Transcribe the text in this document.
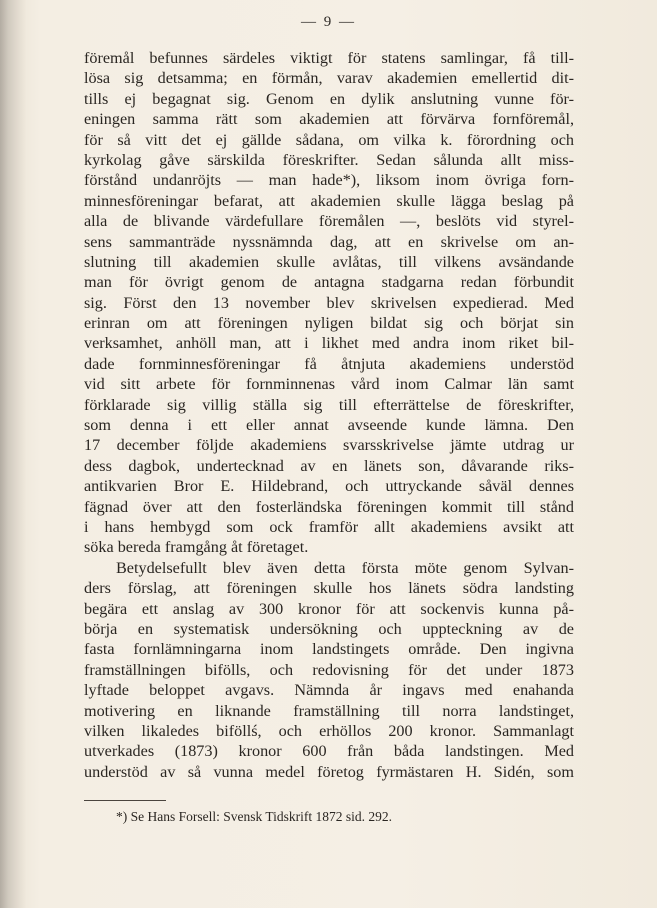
— 9 —
föremål befunnes särdeles viktigt för statens samlingar, få till-
lösa sig detsamma; en förmån, varav akademien emellertid dit-
tills ej begagnat sig. Genom en dylik anslutning vunne för-
eningen samma rätt som akademien att förvärva fornföremål,
för så vitt det ej gällde sådana, om vilka k. förordning och
kyrkolag gåve särskilda föreskrifter. Sedan sålunda allt miss-
förstånd undanröjts — man hade*), liksom inom övriga forn-
minnesföreningar befarat, att akademien skulle lägga beslag på
alla de blivande värdefullare föremålen —, beslöts vid styrel-
sens sammanträde nyssnämnda dag, att en skrivelse om an-
slutning till akademien skulle avlåtas, till vilkens avsändande
man för övrigt genom de antagna stadgarna redan förbundit
sig. Först den 13 november blev skrivelsen expedierad. Med
erinran om att föreningen nyligen bildat sig och börjat sin
verksamhet, anhöll man, att i likhet med andra inom riket bil-
dade fornminnesföreningar få åtnjuta akademiens understöd
vid sitt arbete för fornminnenas vård inom Calmar län samt
förklarade sig villig ställa sig till efterrättelse de föreskrifter,
som denna i ett eller annat avseende kunde lämna. Den
17 december följde akademiens svarsskrivelse jämte utdrag ur
dess dagbok, undertecknad av en länets son, dåvarande riks-
antikvarien Bror E. Hildebrand, och uttryckande såväl dennes
fägnad över att den fosterländska föreningen kommit till stånd
i hans hembygd som ock framför allt akademiens avsikt att
söka bereda framgång åt företaget.
Betydelsefullt blev även detta första möte genom Sylvan-
ders förslag, att föreningen skulle hos länets södra landsting
begära ett anslag av 300 kronor för att sockenvis kunna på-
börja en systematisk undersökning och uppteckning av de
fasta fornlämningarna inom landstingets område. Den ingivna
framställningen bifölls, och redovisning för det under 1873
lyftade beloppet avgavs. Nämnda år ingavs med enahanda
motivering en liknande framställning till norra landstinget,
vilken likaledes biföllś, och erhöllos 200 kronor. Sammanlagt
utverkades (1873) kronor 600 från båda landstingen. Med
understöd av så vunna medel företog fyrmästaren H. Sidén, som
*) Se Hans Forsell: Svensk Tidskrift 1872 sid. 292.
